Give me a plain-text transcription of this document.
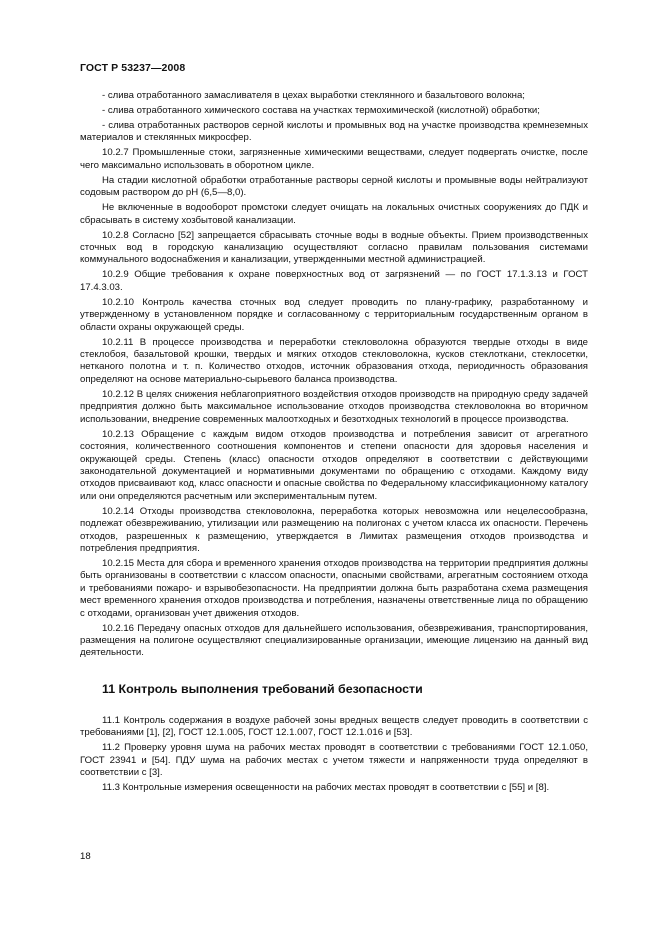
ГОСТ Р 53237—2008

- слива отработанного замасливателя в цехах выработки стеклянного и базальтового волокна;

- слива отработанного химического состава на участках термохимической (кислотной) обработки;

- слива отработанных растворов серной кислоты и промывных вод на участке производства кремнеземных материалов и стеклянных микросфер.

10.2.7 Промышленные стоки, загрязненные химическими веществами, следует подвергать очистке, после чего максимально использовать в оборотном цикле.

На стадии кислотной обработки отработанные растворы серной кислоты и промывные воды нейтрализуют содовым раствором до pH (6,5—8,0).

Не включенные в водооборот промстоки следует очищать на локальных очистных сооружениях до ПДК и сбрасывать в систему хозбытовой канализации.

10.2.8 Согласно [52] запрещается сбрасывать сточные воды в водные объекты. Прием производственных сточных вод в городскую канализацию осуществляют согласно правилам пользования системами коммунального водоснабжения и канализации, утвержденными местной администрацией.

10.2.9 Общие требования к охране поверхностных вод от загрязнений — по ГОСТ 17.1.3.13 и ГОСТ 17.4.3.03.

10.2.10 Контроль качества сточных вод следует проводить по плану-графику, разработанному и утвержденному в установленном порядке и согласованному с территориальным государственным органом в области охраны окружающей среды.

10.2.11 В процессе производства и переработки стекловолокна образуются твердые отходы в виде стеклобоя, базальтовой крошки, твердых и мягких отходов стекловолокна, кусков стеклоткани, стеклосетки, нетканого полотна и т. п. Количество отходов, источник образования отхода, периодичность образования определяют на основе материально-сырьевого баланса производства.

10.2.12 В целях снижения неблагоприятного воздействия отходов производств на природную среду задачей предприятия должно быть максимальное использование отходов производства стекловолокна во вторичном использовании, внедрение современных малоотходных и безотходных технологий в процессе производства.

10.2.13 Обращение с каждым видом отходов производства и потребления зависит от агрегатного состояния, количественного соотношения компонентов и степени опасности для здоровья населения и окружающей среды. Степень (класс) опасности отходов определяют в соответствии с действующими законодательной документацией и нормативными документами по обращению с отходами. Каждому виду отходов присваивают код, класс опасности и опасные свойства по Федеральному классификационному каталогу или они определяются расчетным или экспериментальным путем.

10.2.14 Отходы производства стекловолокна, переработка которых невозможна или нецелесообразна, подлежат обезвреживанию, утилизации или размещению на полигонах с учетом класса их опасности. Перечень отходов, разрешенных к размещению, утверждается в Лимитах размещения отходов производства и потребления предприятия.

10.2.15 Места для сбора и временного хранения отходов производства на территории предприятия должны быть организованы в соответствии с классом опасности, опасными свойствами, агрегатным состоянием отхода и требованиями пожаро- и взрывобезопасности. На предприятии должна быть разработана схема размещения мест временного хранения отходов производства и потребления, назначены ответственные лица по обращению с отходами, организован учет движения отходов.

10.2.16 Передачу опасных отходов для дальнейшего использования, обезвреживания, транспортирования, размещения на полигоне осуществляют специализированные организации, имеющие лицензию на данный вид деятельности.

11 Контроль выполнения требований безопасности

11.1 Контроль содержания в воздухе рабочей зоны вредных веществ следует проводить в соответствии с требованиями [1], [2], ГОСТ 12.1.005, ГОСТ 12.1.007, ГОСТ 12.1.016 и [53].

11.2 Проверку уровня шума на рабочих местах проводят в соответствии с требованиями ГОСТ 12.1.050, ГОСТ 23941 и [54]. ПДУ шума на рабочих местах с учетом тяжести и напряженности труда определяют в соответствии с [3].

11.3 Контрольные измерения освещенности на рабочих местах проводят в соответствии с [55] и [8].

18
